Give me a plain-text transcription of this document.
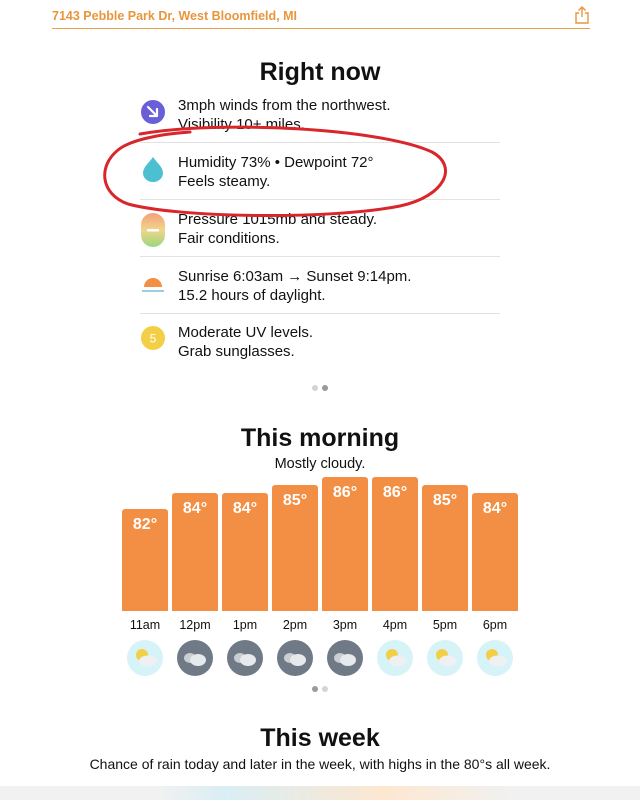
7143 Pebble Park Dr, West Bloomfield, MI
Right now
3mph winds from the northwest.
Visibility 10+ miles.
Humidity 73% • Dewpoint 72°
Feels steamy.
Pressure 1015mb and steady.
Fair conditions.
Sunrise 6:03am → Sunset 9:14pm.
15.2 hours of daylight.
5 Moderate UV levels.
Grab sunglasses.
This morning
Mostly cloudy.
82°
11am
84°
12pm
84°
1pm
85°
2pm
86°
3pm
86°
4pm
85°
5pm
84°
6pm
This week
Chance of rain today and later in the week, with highs in the 80°s all week.
